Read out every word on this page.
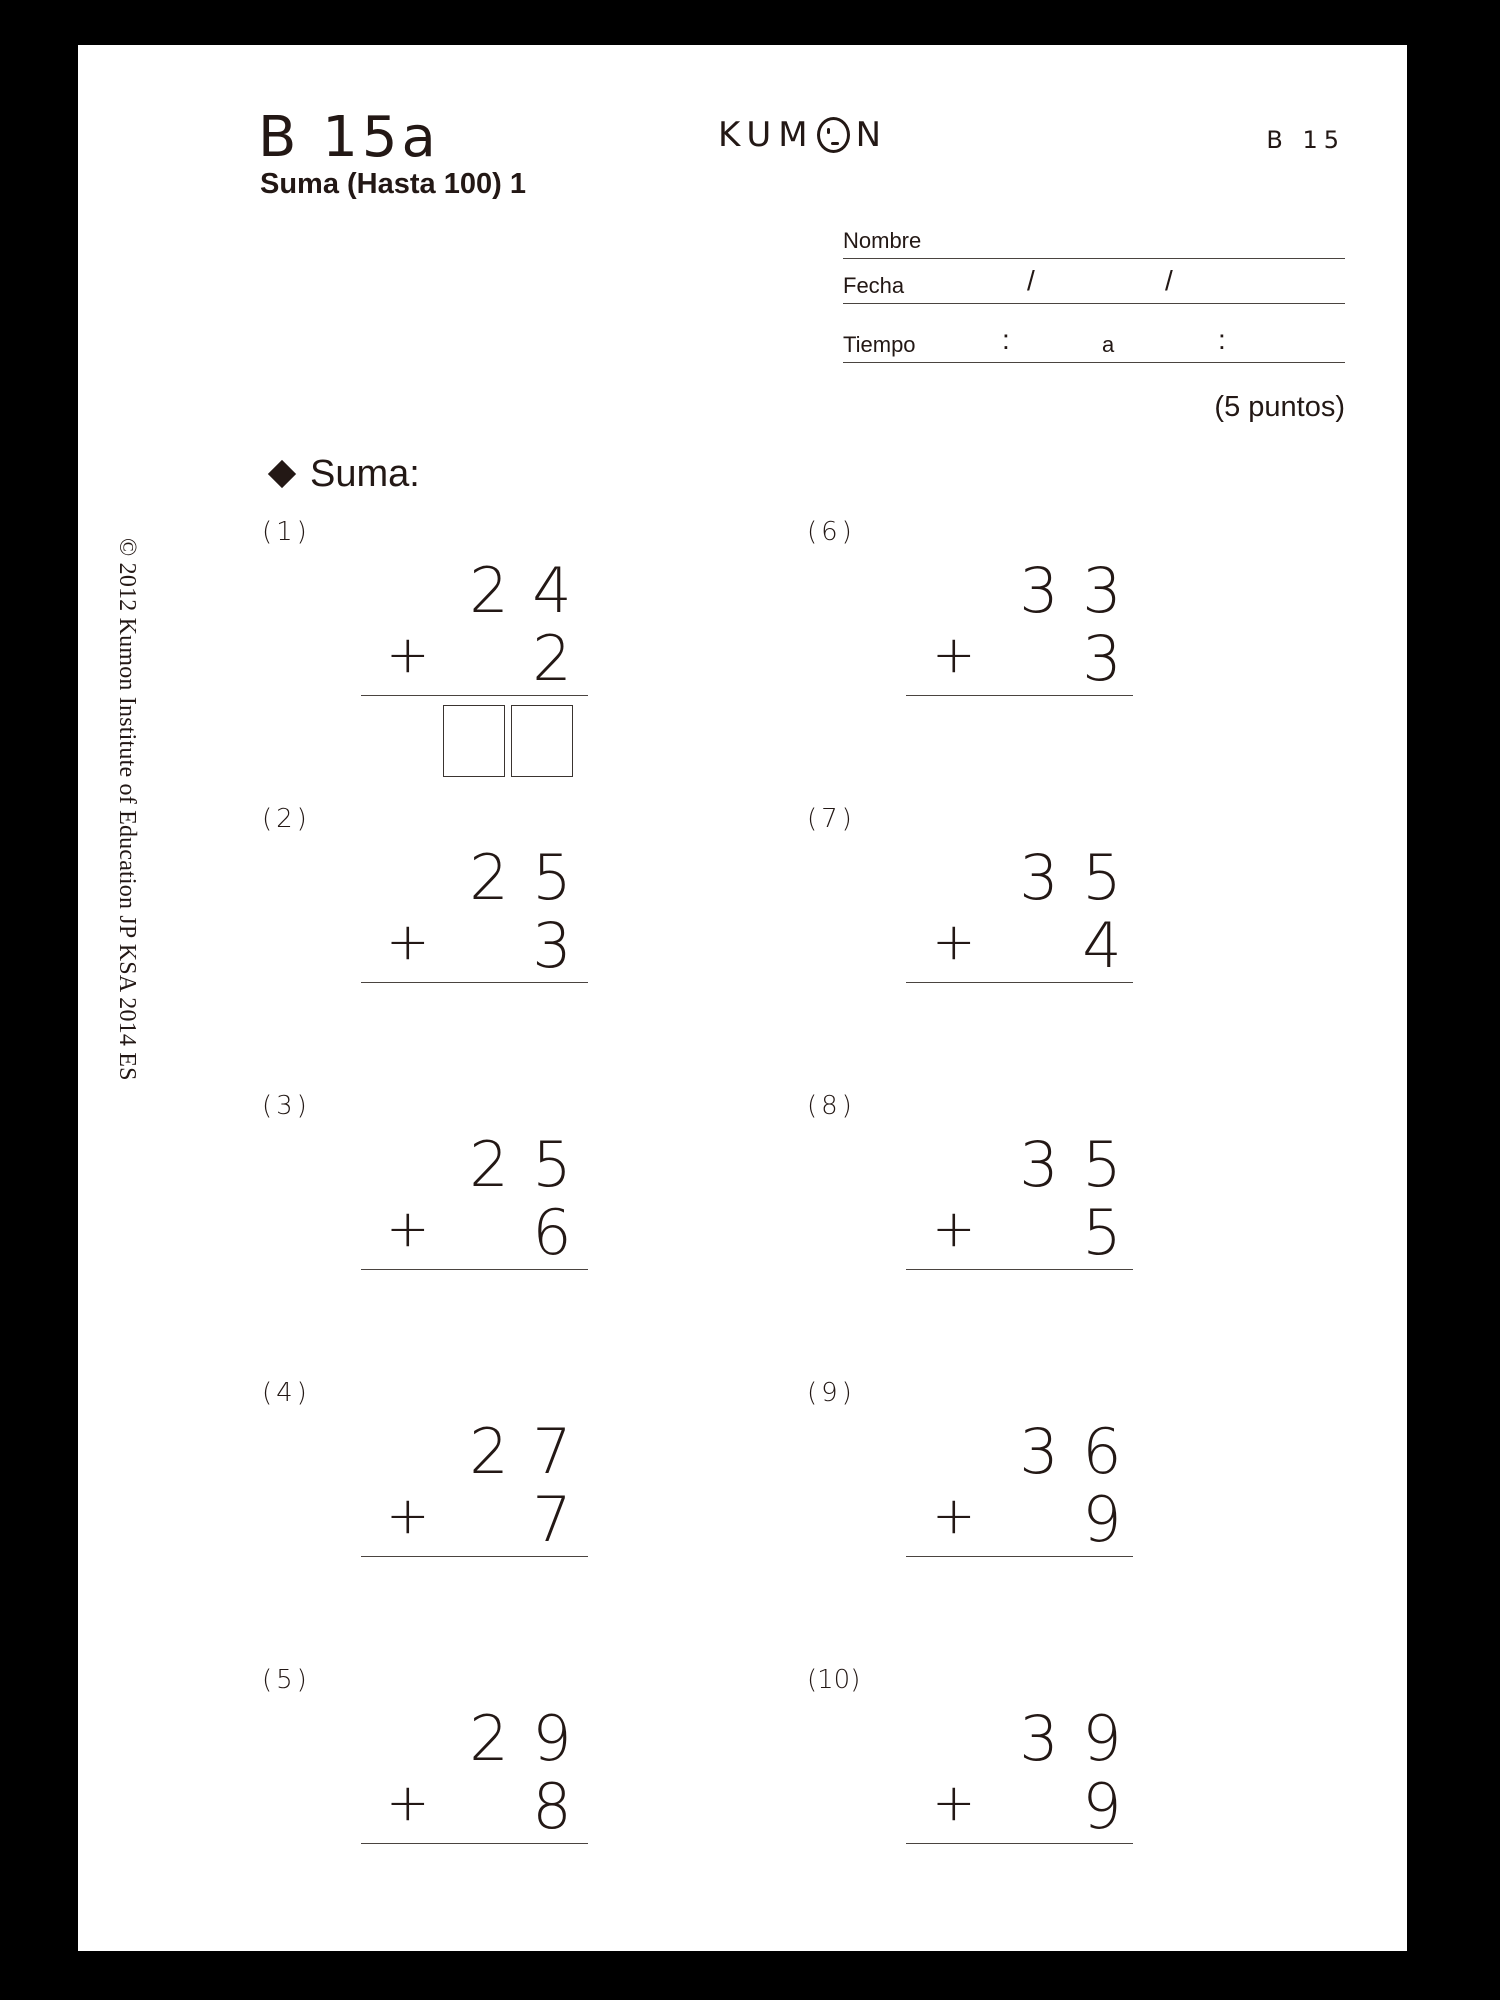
B 15a
Suma (Hasta 100) 1
KUM N	B 15
Nombre
Fecha	/	/
Tiempo	:	a	:
(5 puntos)
Suma:
© 2012 Kumon Institute of Education JP KSA 2014 ES
(1)
2 4
+ 2
(2)
2 5
+ 3
(3)
2 5
+ 6
(4)
2 7
+ 7
(5)
2 9
+ 8
(6)
3 3
+ 3
(7)
3 5
+ 4
(8)
3 5
+ 5
(9)
3 6
+ 9
(10)
3 9
+ 9
